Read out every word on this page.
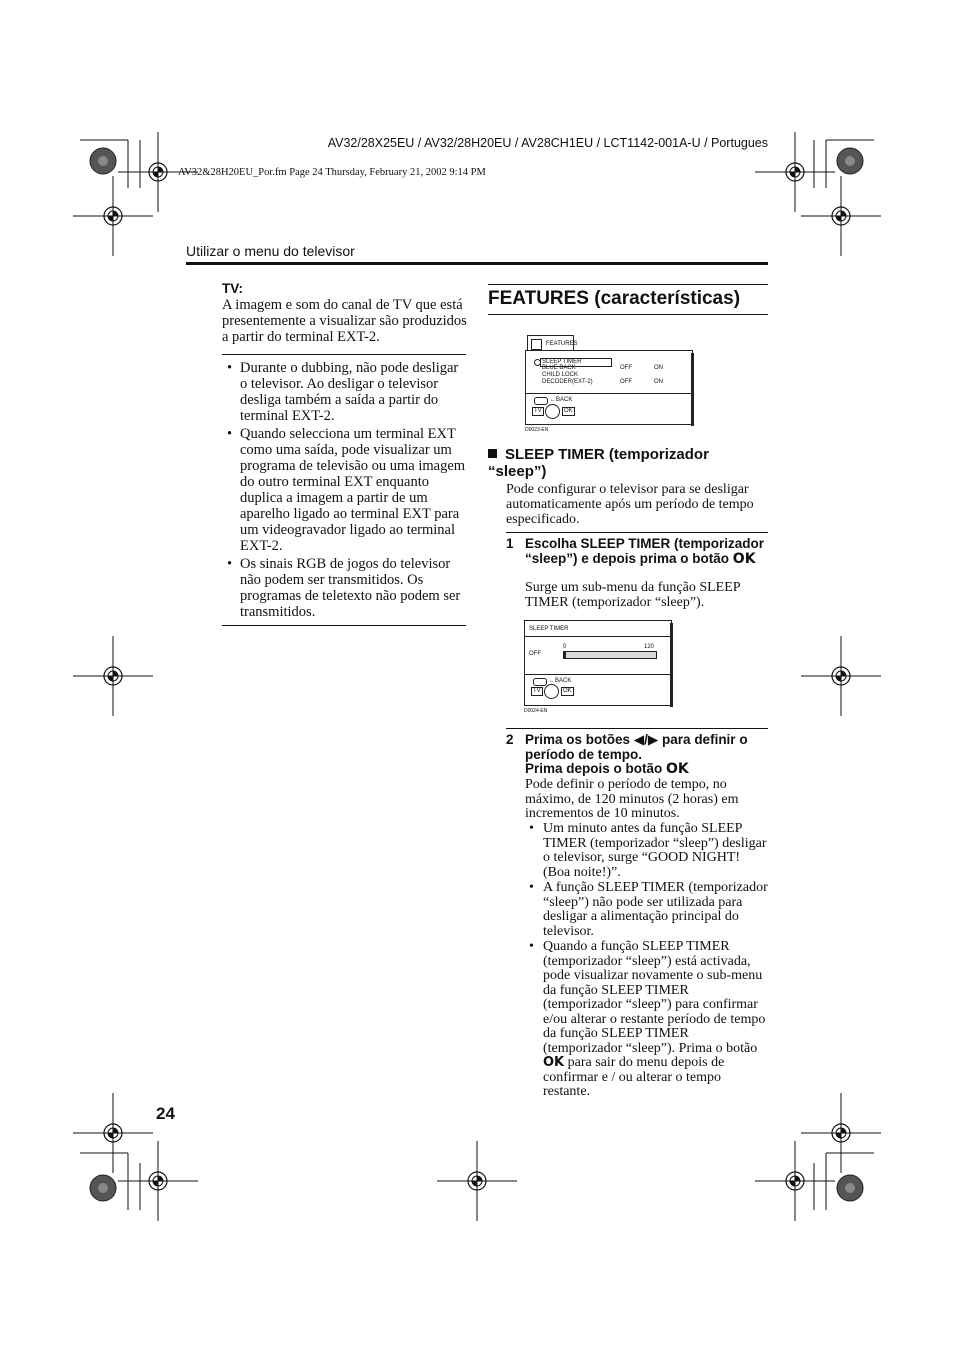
AV32/28X25EU / AV32/28H20EU / AV28CH1EU / LCT1142-001A-U / Portugues
AV32&28H20EU_Por.fm Page 24 Thursday, February 21, 2002 9:14 PM
Utilizar o menu do televisor
TV:
A imagem e som do canal de TV que está presentemente a visualizar são produzidos a partir do terminal EXT-2.
• Durante o dubbing, não pode desligar o televisor. Ao desligar o televisor desliga também a saída a partir do terminal EXT-2.
• Quando selecciona um terminal EXT como uma saída, pode visualizar um programa de televisão ou uma imagem do outro terminal EXT enquanto duplica a imagem a partir de um aparelho ligado ao terminal EXT para um videogravador ligado ao terminal EXT-2.
• Os sinais RGB de jogos do televisor não podem ser transmitidos. Os programas de teletexto não podem ser transmitidos.
FEATURES (características)
FEATURES
SLEEP TIMER
BLUE BACK
CHILD LOCK
DECODER(EXT-2)
OFF	ON
OFF	ON
←BACK
TV	OK
D0023-EN
SLEEP TIMER (temporizador “sleep”)
Pode configurar o televisor para se desligar automaticamente após um período de tempo especificado.
1 Escolha SLEEP TIMER (temporizador “sleep”) e depois prima o botão OK
Surge um sub-menu da função SLEEP TIMER (temporizador “sleep”).
SLEEP TIMER
0	120
OFF
←BACK
TV	OK
D0024-EN
2 Prima os botões ◀/▶ para definir o período de tempo.
Prima depois o botão OK
Pode definir o período de tempo, no máximo, de 120 minutos (2 horas) em incrementos de 10 minutos.
• Um minuto antes da função SLEEP TIMER (temporizador “sleep”) desligar o televisor, surge “GOOD NIGHT! (Boa noite!)”.
• A função SLEEP TIMER (temporizador “sleep”) não pode ser utilizada para desligar a alimentação principal do televisor.
• Quando a função SLEEP TIMER (temporizador “sleep”) está activada, pode visualizar novamente o sub-menu da função SLEEP TIMER (temporizador “sleep”) para confirmar e/ou alterar o restante período de tempo da função SLEEP TIMER (temporizador “sleep”). Prima o botão OK para sair do menu depois de confirmar e / ou alterar o tempo restante.
24
